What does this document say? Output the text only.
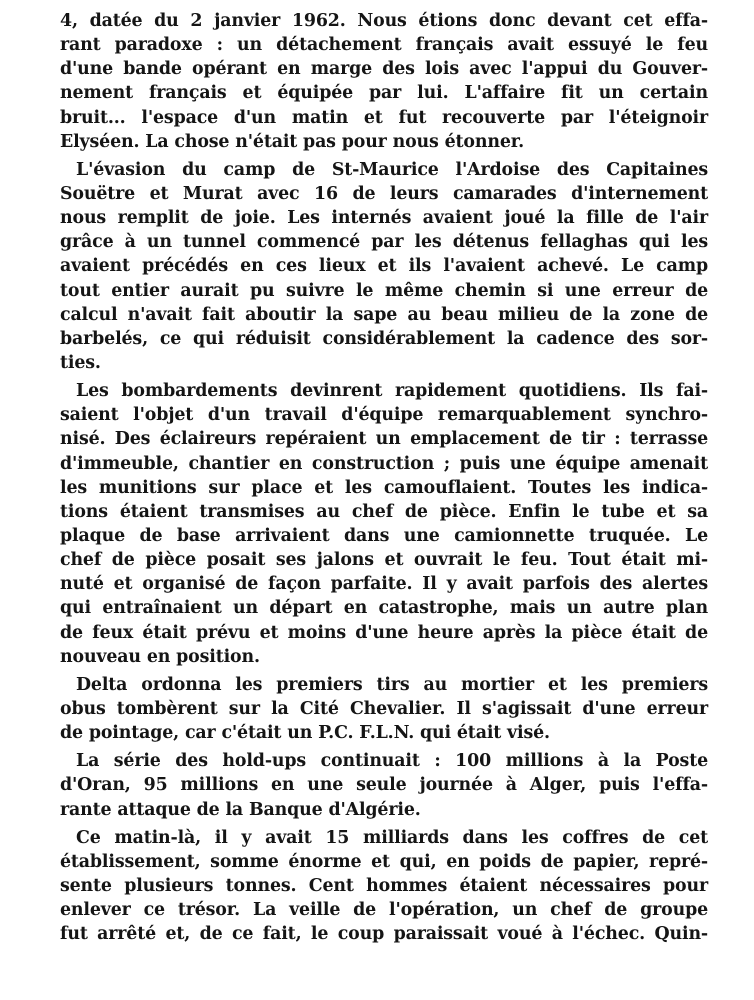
4, datée du 2 janvier 1962. Nous étions donc devant cet effa-
rant paradoxe : un détachement français avait essuyé le feu
d'une bande opérant en marge des lois avec l'appui du Gouver-
nement français et équipée par lui. L'affaire fit un certain
bruit... l'espace d'un matin et fut recouverte par l'éteignoir
Elyséen. La chose n'était pas pour nous étonner.
L'évasion du camp de St-Maurice l'Ardoise des Capitaines
Souëtre et Murat avec 16 de leurs camarades d'internement
nous remplit de joie. Les internés avaient joué la fille de l'air
grâce à un tunnel commencé par les détenus fellaghas qui les
avaient précédés en ces lieux et ils l'avaient achevé. Le camp
tout entier aurait pu suivre le même chemin si une erreur de
calcul n'avait fait aboutir la sape au beau milieu de la zone de
barbelés, ce qui réduisit considérablement la cadence des sor-
ties.
Les bombardements devinrent rapidement quotidiens. Ils fai-
saient l'objet d'un travail d'équipe remarquablement synchro-
nisé. Des éclaireurs repéraient un emplacement de tir : terrasse
d'immeuble, chantier en construction ; puis une équipe amenait
les munitions sur place et les camouflaient. Toutes les indica-
tions étaient transmises au chef de pièce. Enfin le tube et sa
plaque de base arrivaient dans une camionnette truquée. Le
chef de pièce posait ses jalons et ouvrait le feu. Tout était mi-
nuté et organisé de façon parfaite. Il y avait parfois des alertes
qui entraînaient un départ en catastrophe, mais un autre plan
de feux était prévu et moins d'une heure après la pièce était de
nouveau en position.
Delta ordonna les premiers tirs au mortier et les premiers
obus tombèrent sur la Cité Chevalier. Il s'agissait d'une erreur
de pointage, car c'était un P.C. F.L.N. qui était visé.
La série des hold-ups continuait : 100 millions à la Poste
d'Oran, 95 millions en une seule journée à Alger, puis l'effa-
rante attaque de la Banque d'Algérie.
Ce matin-là, il y avait 15 milliards dans les coffres de cet
établissement, somme énorme et qui, en poids de papier, repré-
sente plusieurs tonnes. Cent hommes étaient nécessaires pour
enlever ce trésor. La veille de l'opération, un chef de groupe
fut arrêté et, de ce fait, le coup paraissait voué à l'échec. Quin-
